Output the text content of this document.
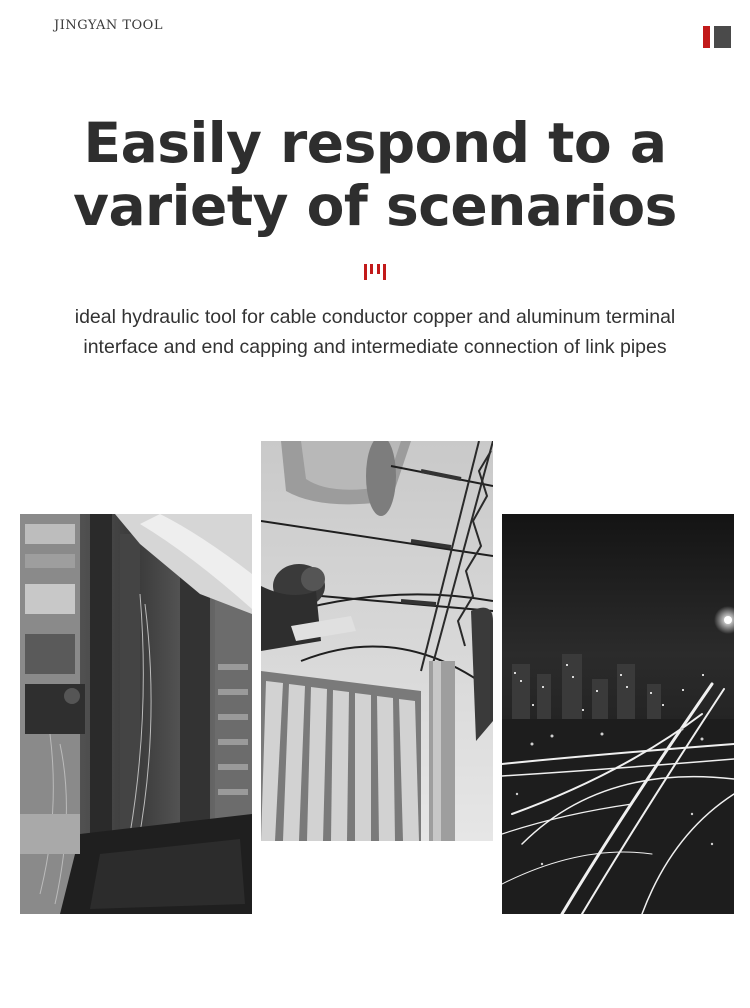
JINGYAN TOOL
Easily respond to a
variety of scenarios
ideal hydraulic tool for cable conductor copper and aluminum terminal
interface and end capping and intermediate connection of link pipes
